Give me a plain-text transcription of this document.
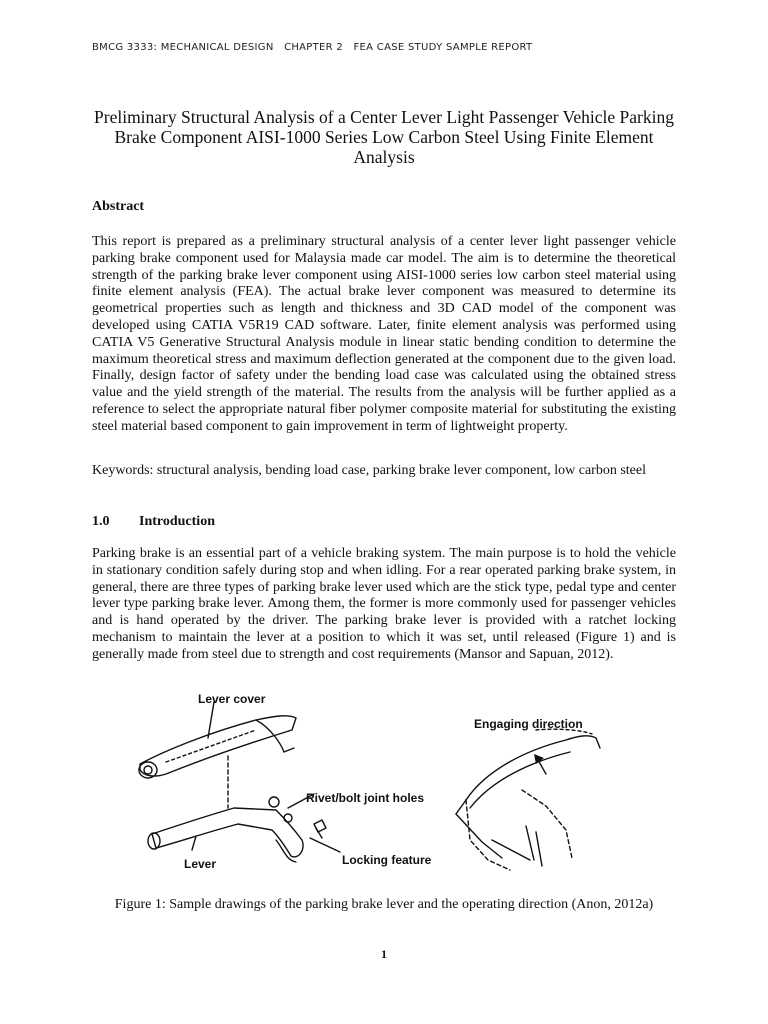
BMCG 3333: MECHANICAL DESIGN   CHAPTER 2   FEA CASE STUDY SAMPLE REPORT
Preliminary Structural Analysis of a Center Lever Light Passenger Vehicle Parking Brake Component AISI-1000 Series Low Carbon Steel Using Finite Element Analysis
Abstract
This report is prepared as a preliminary structural analysis of a center lever light passenger vehicle parking brake component used for Malaysia made car model. The aim is to determine the theoretical strength of the parking brake lever component using AISI-1000 series low carbon steel material using finite element analysis (FEA). The actual brake lever component was measured to determine its geometrical properties such as length and thickness and 3D CAD model of the component was developed using CATIA V5R19 CAD software. Later, finite element analysis was performed using CATIA V5 Generative Structural Analysis module in linear static bending condition to determine the maximum theoretical stress and maximum deflection generated at the component due to the given load. Finally, design factor of safety under the bending load case was calculated using the obtained stress value and the yield strength of the material. The results from the analysis will be further applied as a reference to select the appropriate natural fiber polymer composite material for substituting the existing steel material based component to gain improvement in term of lightweight property.
Keywords: structural analysis, bending load case, parking brake lever component, low carbon steel
1.0 Introduction
Parking brake is an essential part of a vehicle braking system. The main purpose is to hold the vehicle in stationary condition safely during stop and when idling. For a rear operated parking brake system, in general, there are three types of parking brake lever used which are the stick type, pedal type and center lever type parking brake lever. Among them, the former is more commonly used for passenger vehicles and is hand operated by the driver. The parking brake lever is provided with a ratchet locking mechanism to maintain the lever at a position to which it was set, until released (Figure 1) and is generally made from steel due to strength and cost requirements (Mansor and Sapuan, 2012).
Lever cover
Rivet/bolt joint holes
Lever	Locking feature
Engaging direction
Figure 1: Sample drawings of the parking brake lever and the operating direction (Anon, 2012a)
1
